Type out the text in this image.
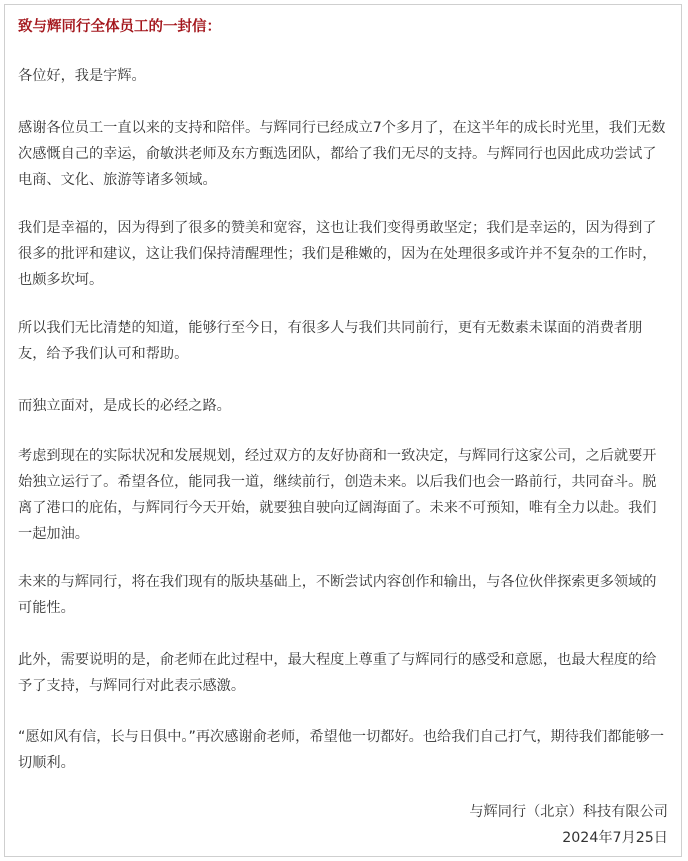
致与辉同行全体员工的一封信：

各位好，我是宇辉。

感谢各位员工一直以来的支持和陪伴。与辉同行已经成立7个多月了，在这半年的成长时光里，我们无数次感慨自己的幸运，俞敏洪老师及东方甄选团队，都给了我们无尽的支持。与辉同行也因此成功尝试了电商、文化、旅游等诸多领域。

我们是幸福的，因为得到了很多的赞美和宽容，这也让我们变得勇敢坚定；我们是幸运的，因为得到了很多的批评和建议，这让我们保持清醒理性；我们是稚嫩的，因为在处理很多或许并不复杂的工作时，也颇多坎坷。

所以我们无比清楚的知道，能够行至今日，有很多人与我们共同前行，更有无数素未谋面的消费者朋友，给予我们认可和帮助。

而独立面对，是成长的必经之路。

考虑到现在的实际状况和发展规划，经过双方的友好协商和一致决定，与辉同行这家公司，之后就要开始独立运行了。希望各位，能同我一道，继续前行，创造未来。以后我们也会一路前行，共同奋斗。脱离了港口的庇佑，与辉同行今天开始，就要独自驶向辽阔海面了。未来不可预知，唯有全力以赴。我们一起加油。

未来的与辉同行，将在我们现有的版块基础上，不断尝试内容创作和输出，与各位伙伴探索更多领域的可能性。

此外，需要说明的是，俞老师在此过程中，最大程度上尊重了与辉同行的感受和意愿，也最大程度的给予了支持，与辉同行对此表示感激。

“愿如风有信，长与日俱中。”再次感谢俞老师，希望他一切都好。也给我们自己打气，期待我们都能够一切顺利。

与辉同行（北京）科技有限公司
2024年7月25日
